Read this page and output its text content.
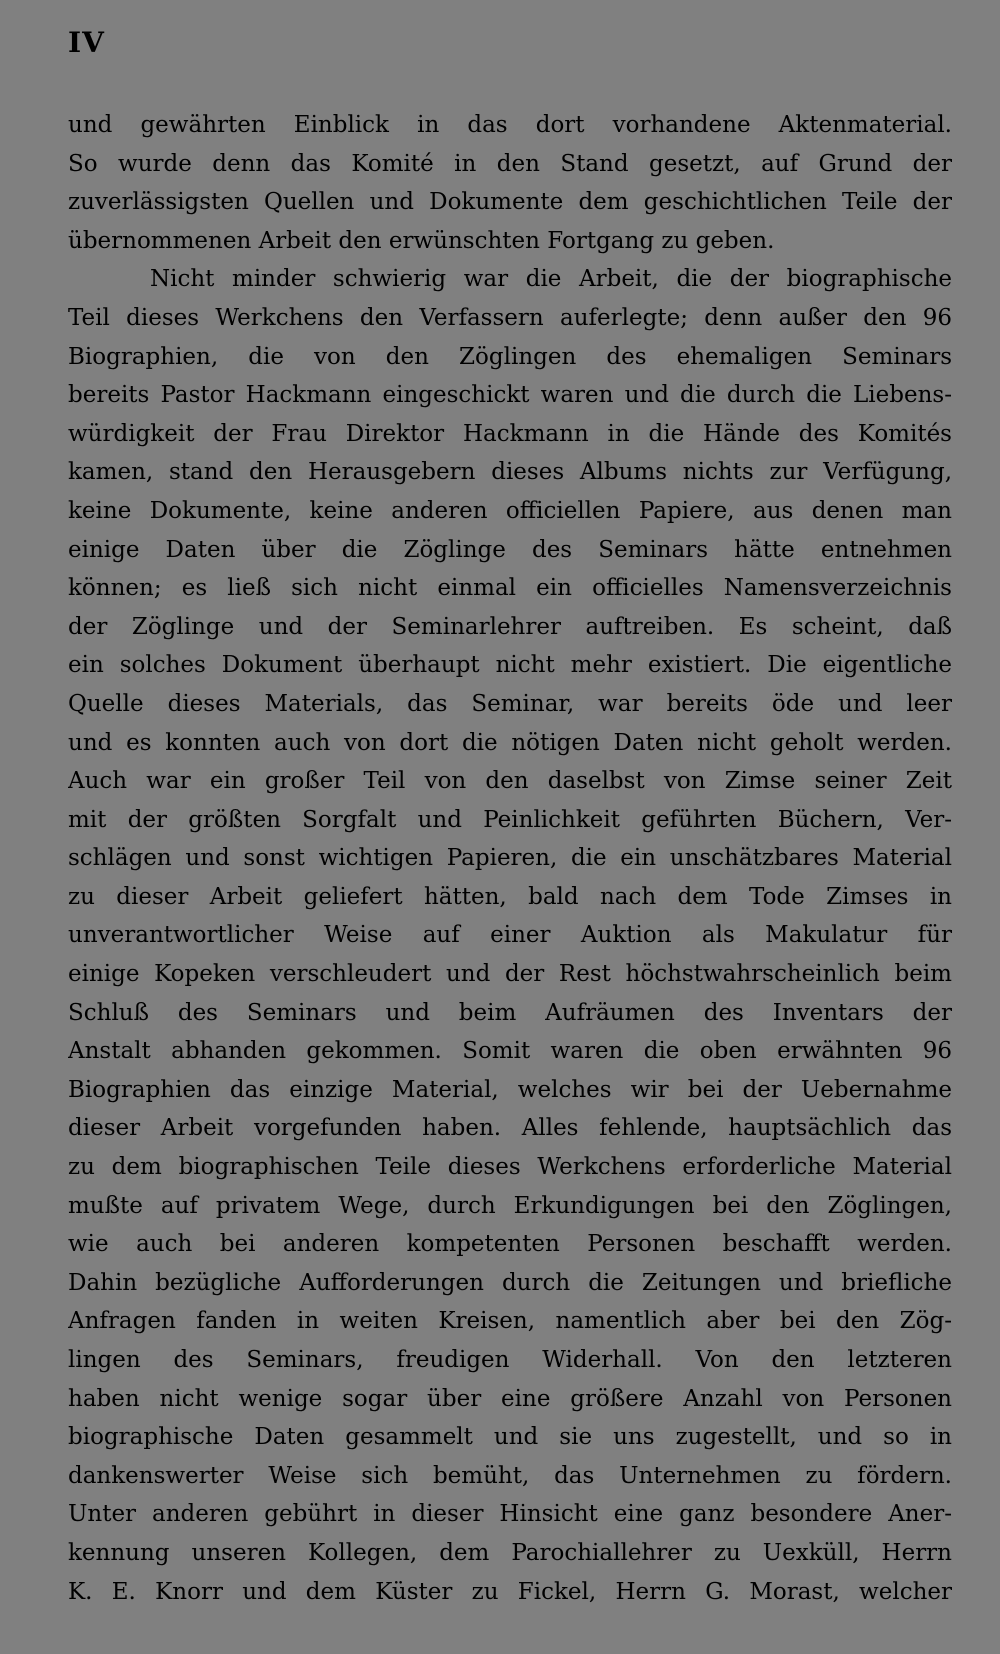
IV
und gewährten Einblick in das dort vorhandene Aktenmaterial.
So wurde denn das Komité in den Stand gesetzt, auf Grund der
zuverlässigsten Quellen und Dokumente dem geschichtlichen Teile der
übernommenen Arbeit den erwünschten Fortgang zu geben.
Nicht minder schwierig war die Arbeit, die der biographische
Teil dieses Werkchens den Verfassern auferlegte; denn außer den 96
Biographien, die von den Zöglingen des ehemaligen Seminars
bereits Pastor Hackmann eingeschickt waren und die durch die Liebens-
würdigkeit der Frau Direktor Hackmann in die Hände des Komités
kamen, stand den Herausgebern dieses Albums nichts zur Verfügung,
keine Dokumente, keine anderen officiellen Papiere, aus denen man
einige Daten über die Zöglinge des Seminars hätte entnehmen
können; es ließ sich nicht einmal ein officielles Namensverzeichnis
der Zöglinge und der Seminarlehrer auftreiben. Es scheint, daß
ein solches Dokument überhaupt nicht mehr existiert. Die eigentliche
Quelle dieses Materials, das Seminar, war bereits öde und leer
und es konnten auch von dort die nötigen Daten nicht geholt werden.
Auch war ein großer Teil von den daselbst von Zimse seiner Zeit
mit der größten Sorgfalt und Peinlichkeit geführten Büchern, Ver-
schlägen und sonst wichtigen Papieren, die ein unschätzbares Material
zu dieser Arbeit geliefert hätten, bald nach dem Tode Zimses in
unverantwortlicher Weise auf einer Auktion als Makulatur für
einige Kopeken verschleudert und der Rest höchstwahrscheinlich beim
Schluß des Seminars und beim Aufräumen des Inventars der
Anstalt abhanden gekommen. Somit waren die oben erwähnten 96
Biographien das einzige Material, welches wir bei der Uebernahme
dieser Arbeit vorgefunden haben. Alles fehlende, hauptsächlich das
zu dem biographischen Teile dieses Werkchens erforderliche Material
mußte auf privatem Wege, durch Erkundigungen bei den Zöglingen,
wie auch bei anderen kompetenten Personen beschafft werden.
Dahin bezügliche Aufforderungen durch die Zeitungen und briefliche
Anfragen fanden in weiten Kreisen, namentlich aber bei den Zög-
lingen des Seminars, freudigen Widerhall. Von den letzteren
haben nicht wenige sogar über eine größere Anzahl von Personen
biographische Daten gesammelt und sie uns zugestellt, und so in
dankenswerter Weise sich bemüht, das Unternehmen zu fördern.
Unter anderen gebührt in dieser Hinsicht eine ganz besondere Aner-
kennung unseren Kollegen, dem Parochiallehrer zu Uexküll, Herrn
K. E. Knorr und dem Küster zu Fickel, Herrn G. Morast, welcher
